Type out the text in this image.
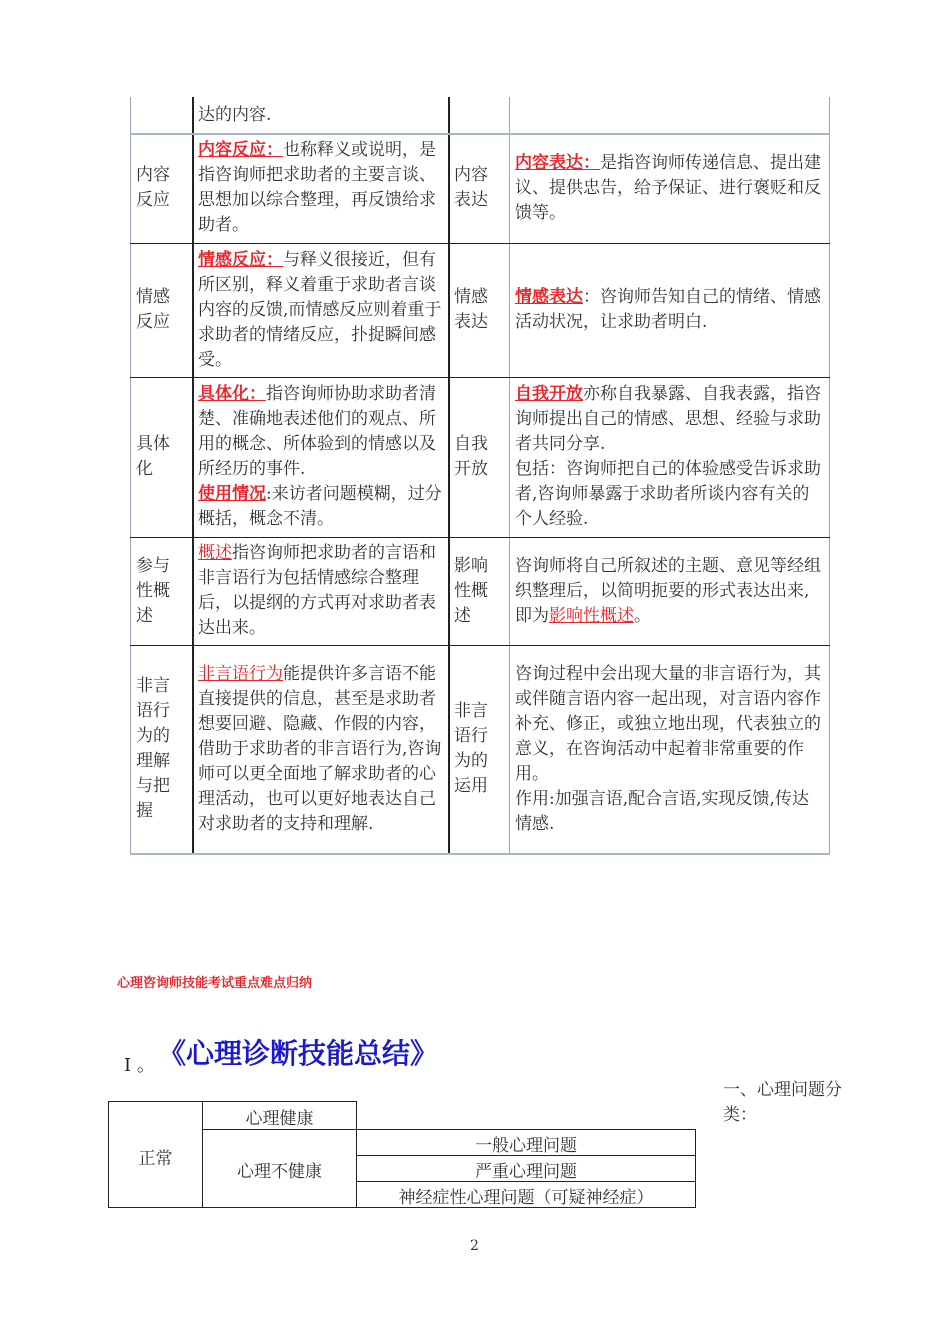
达的内容.
内容
反应
内容反应：也称释义或说明，是指咨询师把求助者的主要言谈、思想加以综合整理，再反馈给求助者。
内容
表达
内容表达：是指咨询师传递信息、提出建议、提供忠告，给予保证、进行褒贬和反馈等。
情感
反应
情感反应：与释义很接近，但有所区别，释义着重于求助者言谈内容的反馈,而情感反应则着重于求助者的情绪反应，扑捉瞬间感受。
情感
表达
情感表达：咨询师告知自己的情绪、情感活动状况，让求助者明白.
具体
化
具体化：指咨询师协助求助者清楚、准确地表述他们的观点、所用的概念、所体验到的情感以及所经历的事件.
使用情况:来访者问题模糊，过分概括，概念不清。
自我
开放
自我开放亦称自我暴露、自我表露，指咨询师提出自己的情感、思想、经验与求助者共同分享.
包括：咨询师把自己的体验感受告诉求助者,咨询师暴露于求助者所谈内容有关的个人经验.
参与
性概
述
概述指咨询师把求助者的言语和非言语行为包括情感综合整理后，以提纲的方式再对求助者表达出来。
影响
性概
述
咨询师将自己所叙述的主题、意见等经组织整理后，以简明扼要的形式表达出来,即为影响性概述。
非言
语行
为的
理解
与把
握
非言语行为能提供许多言语不能直接提供的信息，甚至是求助者想要回避、隐藏、作假的内容，借助于求助者的非言语行为,咨询师可以更全面地了解求助者的心理活动，也可以更好地表达自己对求助者的支持和理解.
非言
语行
为的
运用
咨询过程中会出现大量的非言语行为，其或伴随言语内容一起出现，对言语内容作补充、修正，或独立地出现，代表独立的意义，在咨询活动中起着非常重要的作用。
作用:加强言语,配合言语,实现反馈,传达情感.
心理咨询师技能考试重点难点归纳
I 。 《心理诊断技能总结》
一、心理问题分类：
正常
心理健康
心理不健康
一般心理问题
严重心理问题
神经症性心理问题（可疑神经症）
2
